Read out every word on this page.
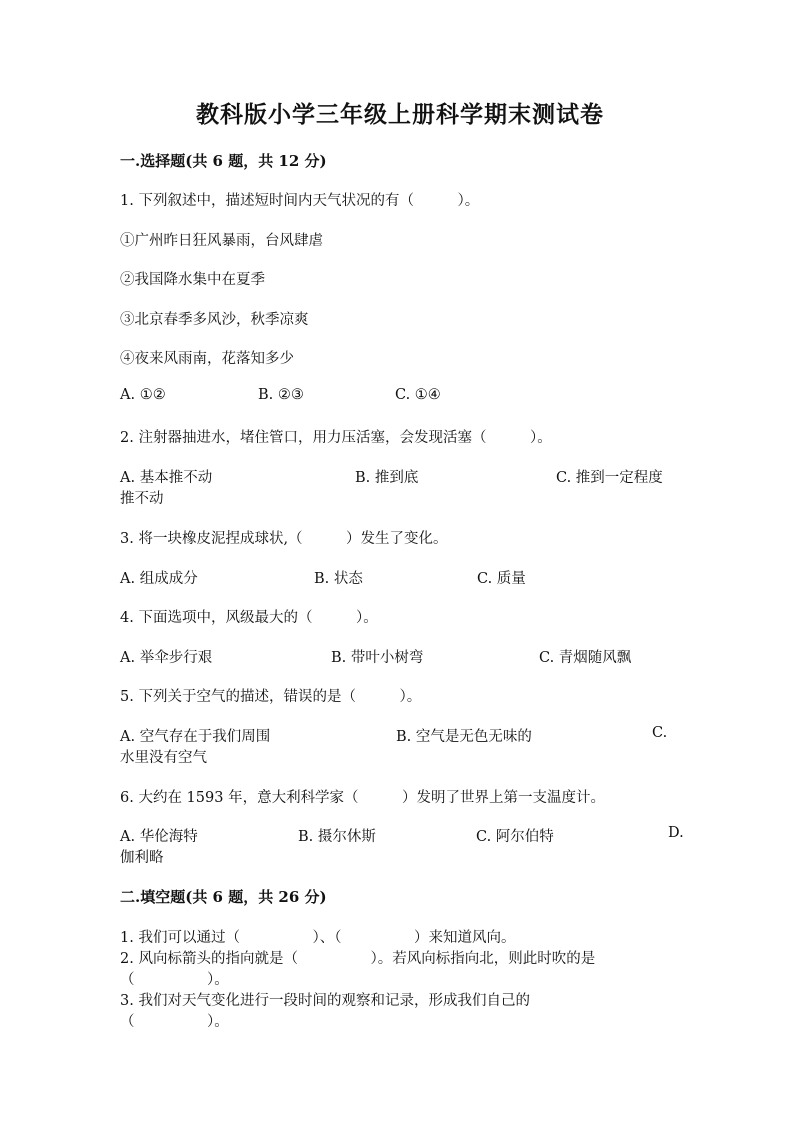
教科版小学三年级上册科学期末测试卷
一.选择题(共 6 题，共 12 分)
1. 下列叙述中，描述短时间内天气状况的有（　　　）。
①广州昨日狂风暴雨，台风肆虐
②我国降水集中在夏季
③北京春季多风沙，秋季凉爽
④夜来风雨南，花落知多少
A. ①②	B. ②③	C. ①④
2. 注射器抽进水，堵住管口，用力压活塞，会发现活塞（　　　）。
A. 基本推不动	B. 推到底	C. 推到一定程度
推不动
3. 将一块橡皮泥捏成球状,（　　　）发生了变化。
A. 组成成分	B. 状态	C. 质量
4. 下面选项中，风级最大的（　　　）。
A. 举伞步行艰	B. 带叶小树弯	C. 青烟随风飘
5. 下列关于空气的描述，错误的是（　　　）。
A. 空气存在于我们周围	B. 空气是无色无味的	C.
水里没有空气
6. 大约在 1593 年，意大利科学家（　　　）发明了世界上第一支温度计。
A. 华伦海特	B. 摄尔休斯	C. 阿尔伯特	D.
伽利略
二.填空题(共 6 题，共 26 分)
1. 我们可以通过（　　　　　）、（　　　　　）来知道风向。
2. 风向标箭头的指向就是（　　　　　）。若风向标指向北，则此时吹的是
（　　　　　）。
3. 我们对天气变化进行一段时间的观察和记录，形成我们自己的
（　　　　　）。
